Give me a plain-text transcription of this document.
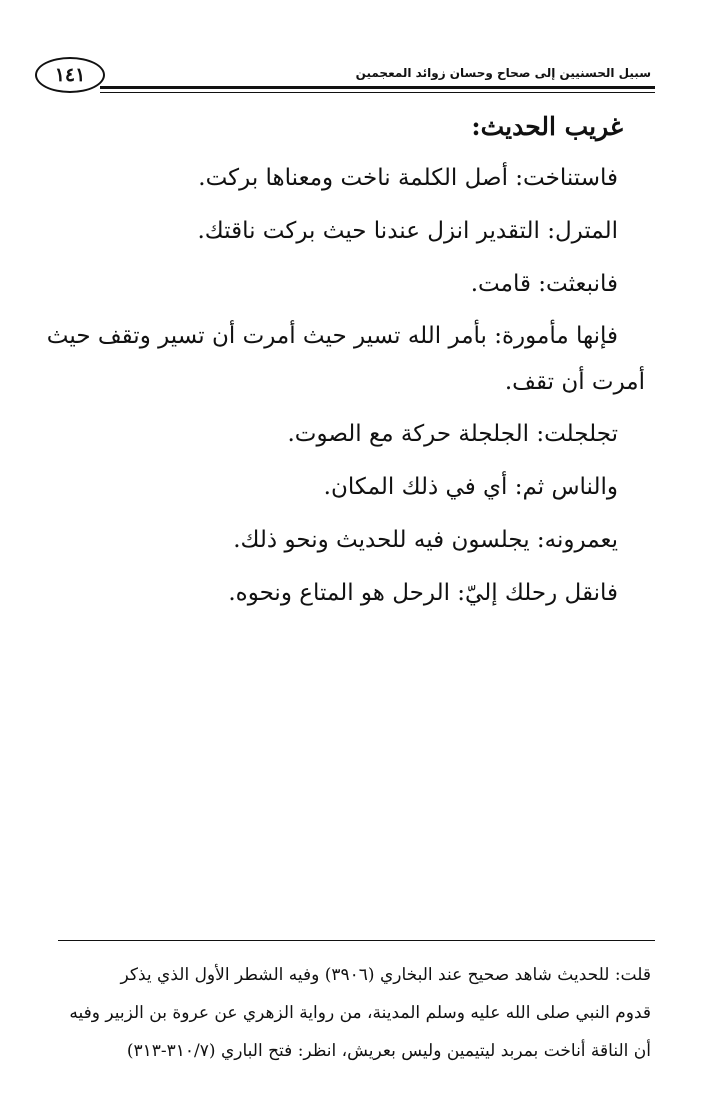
١٤١	سبيل الحسنيين إلى صحاح وحسان زوائد المعجمين
غريب الحديث:
فاستناخت: أصل الكلمة ناخت ومعناها بركت.
المترل: التقدير انزل عندنا حيث بركت ناقتك.
فانبعثت: قامت.
فإنها مأمورة: بأمر الله تسير حيث أمرت أن تسير وتقف حيث
أمرت أن تقف.
تجلجلت: الجلجلة حركة مع الصوت.
والناس ثم: أي في ذلك المكان.
يعمرونه: يجلسون فيه للحديث ونحو ذلك.
فانقل رحلك إليّ: الرحل هو المتاع ونحوه.
قلت: للحديث شاهد صحيح عند البخاري (٣٩٠٦) وفيه الشطر الأول الذي يذكر
قدوم النبي صلى الله عليه وسلم المدينة، من رواية الزهري عن عروة بن الزبير وفيه
أن الناقة أناخت بمربد ليتيمين وليس بعريش، انظر: فتح الباري (٣١٠/٧-٣١٣)
